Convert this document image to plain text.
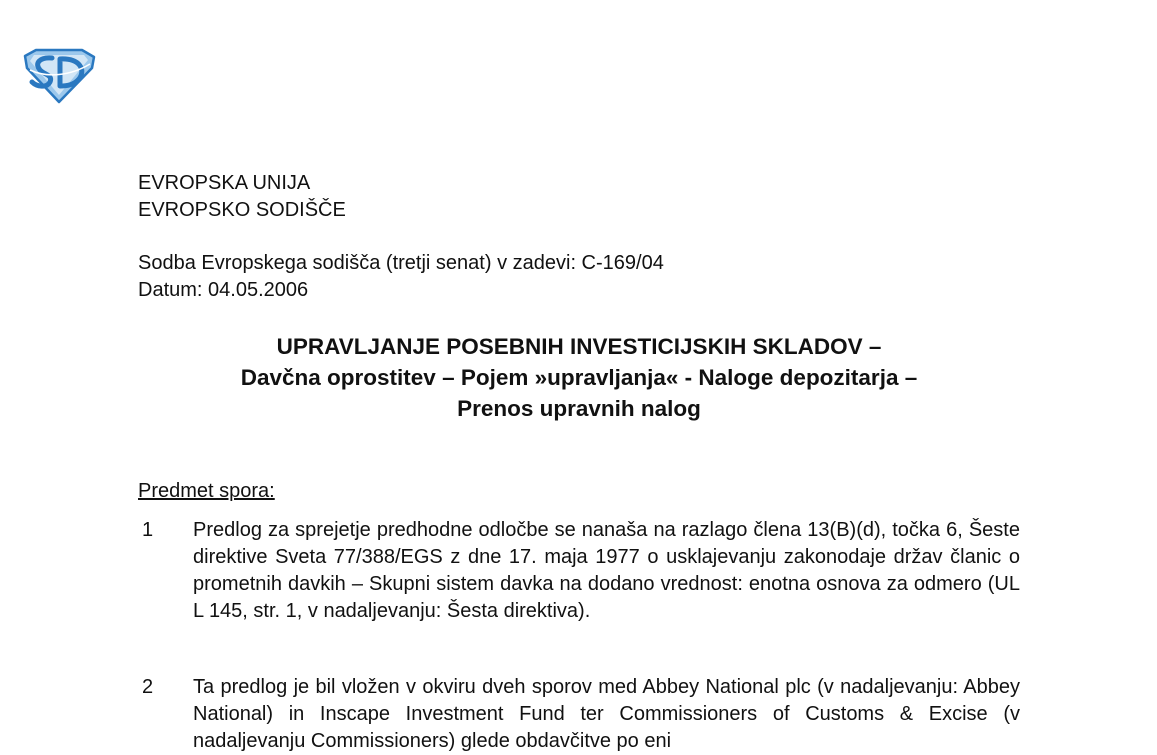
EVROPSKA UNIJA
EVROPSKO SODIŠČE
Sodba Evropskega sodišča (tretji senat) v zadevi: C-169/04
Datum: 04.05.2006
UPRAVLJANJE POSEBNIH INVESTICIJSKIH SKLADOV –
Davčna oprostitev – Pojem »upravljanja« - Naloge depozitarja –
Prenos upravnih nalog
Predmet spora:
1 Predlog za sprejetje predhodne odločbe se nanaša na razlago člena 13(B)(d), točka 6, Šeste direktive Sveta 77/388/EGS z dne 17. maja 1977 o usklajevanju zakonodaje držav članic o prometnih davkih – Skupni sistem davka na dodano vrednost: enotna osnova za odmero (UL L 145, str. 1, v nadaljevanju: Šesta direktiva).
2 Ta predlog je bil vložen v okviru dveh sporov med Abbey National plc (v nadaljevanju: Abbey National) in Inscape Investment Fund ter Commissioners of Customs & Excise (v nadaljevanju Commissioners) glede obdavčitve po eni
